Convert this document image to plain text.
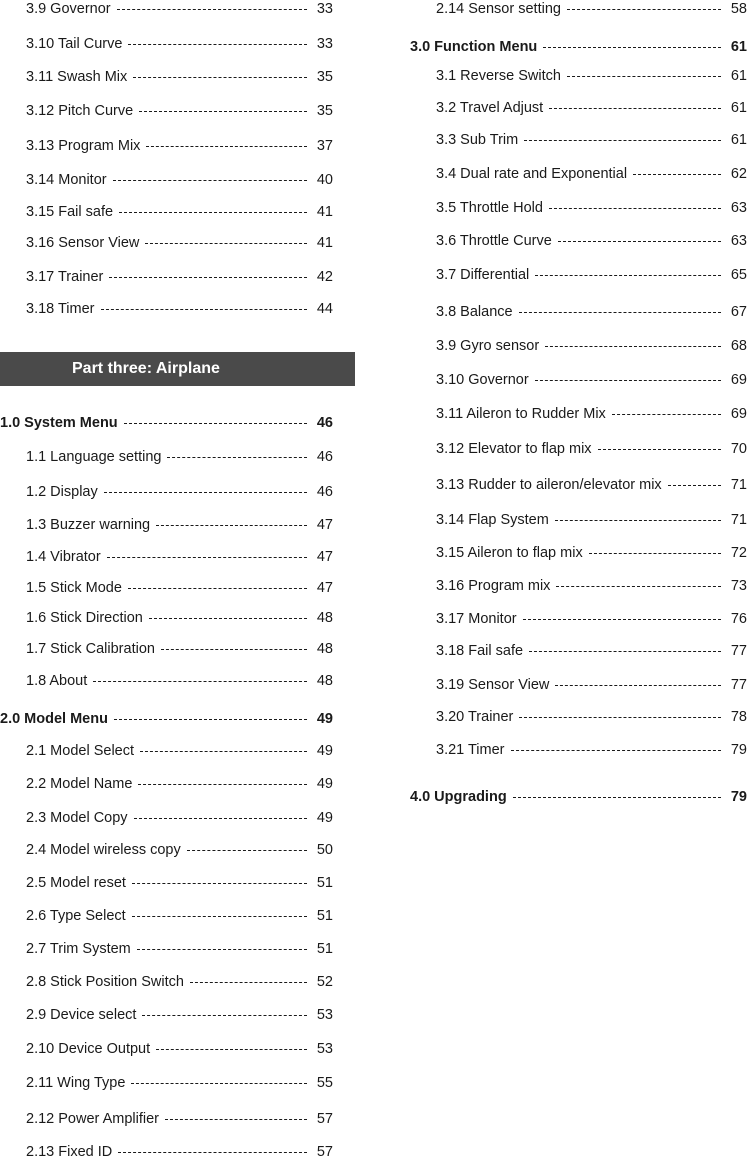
3.9 Governor	33
3.10 Tail Curve	33
3.11 Swash Mix	35
3.12 Pitch Curve	35
3.13 Program Mix	37
3.14 Monitor	40
3.15 Fail safe	41
3.16 Sensor View	41
3.17 Trainer	42
3.18 Timer	44
Part three: Airplane
1.0 System Menu	46
1.1 Language setting	46
1.2 Display	46
1.3 Buzzer warning	47
1.4 Vibrator	47
1.5 Stick Mode	47
1.6 Stick Direction	48
1.7 Stick Calibration	48
1.8 About	48
2.0 Model Menu	49
2.1 Model Select	49
2.2 Model Name	49
2.3 Model Copy	49
2.4 Model wireless copy	50
2.5 Model reset	51
2.6 Type Select	51
2.7 Trim System	51
2.8 Stick Position Switch	52
2.9 Device select	53
2.10 Device Output	53
2.11 Wing Type	55
2.12 Power Amplifier	57
2.13 Fixed ID	57
2.14 Sensor setting	58
3.0 Function Menu	61
3.1 Reverse Switch	61
3.2 Travel Adjust	61
3.3 Sub Trim	61
3.4 Dual rate and Exponential	62
3.5 Throttle Hold	63
3.6 Throttle Curve	63
3.7 Differential	65
3.8 Balance	67
3.9 Gyro sensor	68
3.10 Governor	69
3.11 Aileron to Rudder Mix	69
3.12 Elevator to flap mix	70
3.13 Rudder to aileron/elevator mix	71
3.14 Flap System	71
3.15 Aileron to flap mix	72
3.16 Program mix	73
3.17 Monitor	76
3.18 Fail safe	77
3.19 Sensor View	77
3.20 Trainer	78
3.21 Timer	79
4.0 Upgrading	79
